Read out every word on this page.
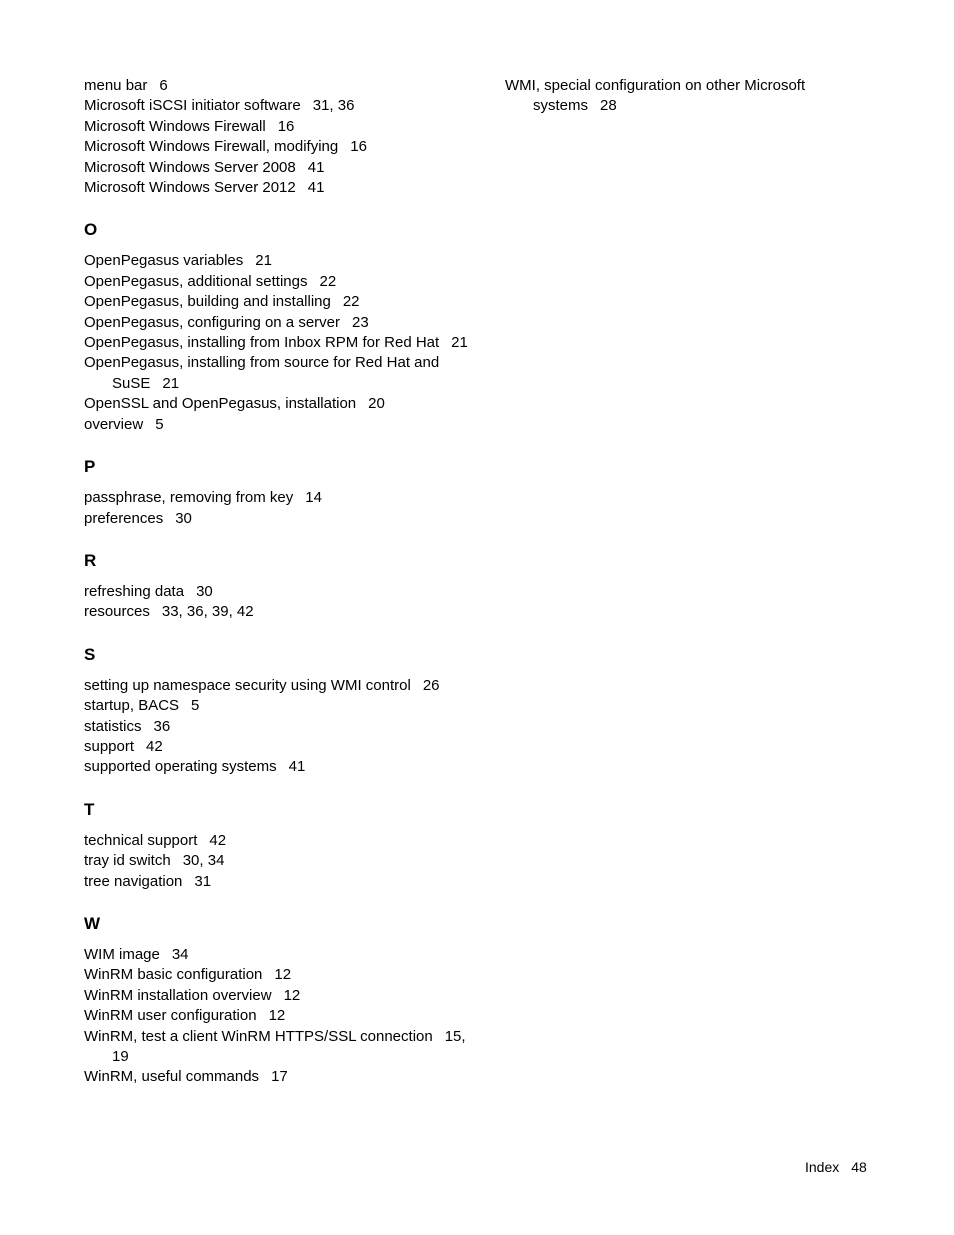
menu bar 6
Microsoft iSCSI initiator software 31, 36
Microsoft Windows Firewall 16
Microsoft Windows Firewall, modifying 16
Microsoft Windows Server 2008 41
Microsoft Windows Server 2012 41
O
OpenPegasus variables 21
OpenPegasus, additional settings 22
OpenPegasus, building and installing 22
OpenPegasus, configuring on a server 23
OpenPegasus, installing from Inbox RPM for Red Hat 21
OpenPegasus, installing from source for Red Hat and SuSE 21
OpenSSL and OpenPegasus, installation 20
overview 5
P
passphrase, removing from key 14
preferences 30
R
refreshing data 30
resources 33, 36, 39, 42
S
setting up namespace security using WMI control 26
startup, BACS 5
statistics 36
support 42
supported operating systems 41
T
technical support 42
tray id switch 30, 34
tree navigation 31
W
WIM image 34
WinRM basic configuration 12
WinRM installation overview 12
WinRM user configuration 12
WinRM, test a client WinRM HTTPS/SSL connection 15, 19
WinRM, useful commands 17
WMI, special configuration on other Microsoft systems 28
Index 48
